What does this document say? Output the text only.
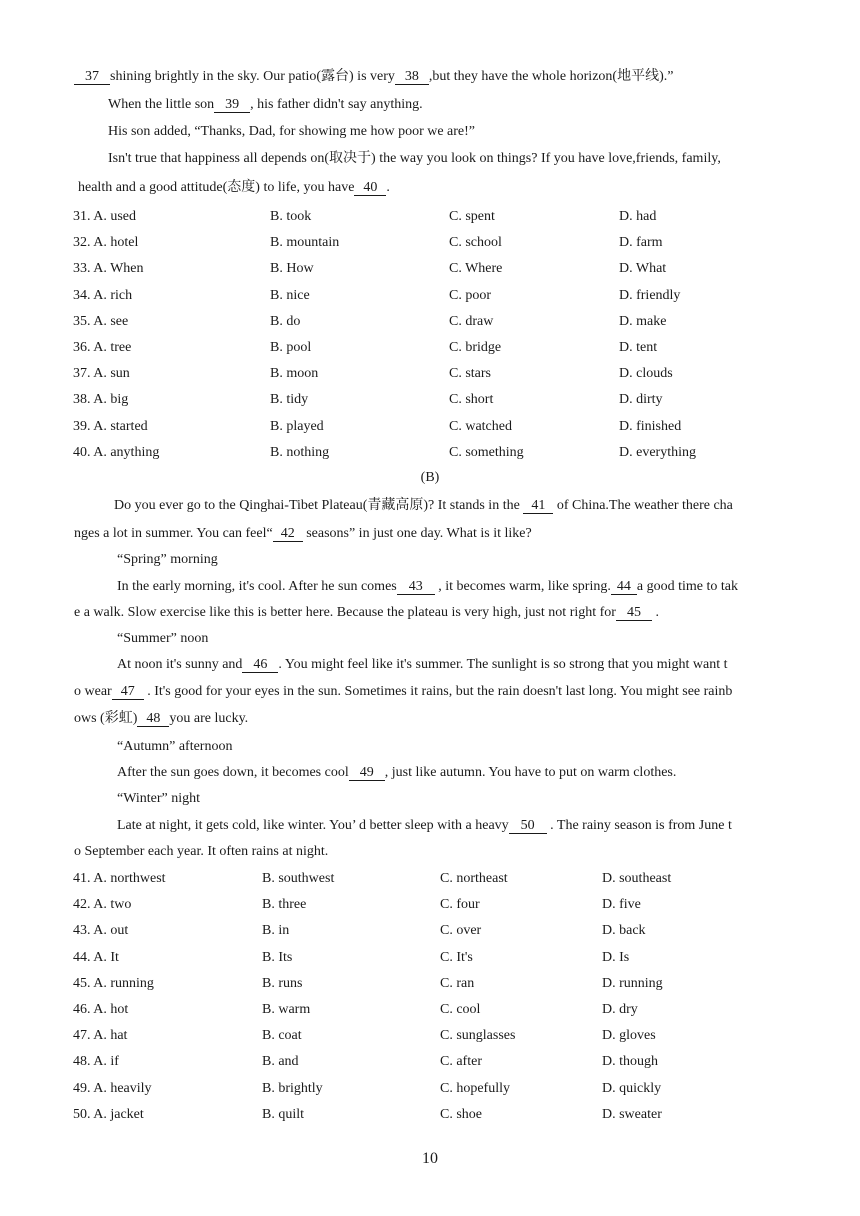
37 shining brightly in the sky. Our patio(露台) is very 38 ,but they have the whole horizon(地平线).”
When the little son 39 , his father didn't say anything.
His son added, “Thanks, Dad, for showing me how poor we are!”
Isn't true that happiness all depends on(取决于) the way you look on things? If you have love,friends, family,
health and a good attitude(态度) to life, you have 40 .
31. A. used	B. took	C. spent	D. had
32. A. hotel	B. mountain	C. school	D. farm
33. A. When	B. How	C. Where	D. What
34. A. rich	B. nice	C. poor	D. friendly
35. A. see	B. do	C. draw	D. make
36. A. tree	B. pool	C. bridge	D. tent
37. A. sun	B. moon	C. stars	D. clouds
38. A. big	B. tidy	C. short	D. dirty
39. A. started	B. played	C. watched	D. finished
40. A. anything	B. nothing	C. something	D. everything
(B)
Do you ever go to the Qinghai-Tibet Plateau(青藏高原)? It stands in the 41 of China.The weather there cha
nges a lot in summer. You can feel“ 42 seasons” in just one day. What is it like?
“Spring” morning
In the early morning, it's cool. After he sun comes 43 , it becomes warm, like spring. 44 a good time to tak
e a walk. Slow exercise like this is better here. Because the plateau is very high, just not right for 45 .
“Summer” noon
At noon it's sunny and 46 . You might feel like it's summer. The sunlight is so strong that you might want t
o wear 47 . It's good for your eyes in the sun. Sometimes it rains, but the rain doesn't last long. You might see rainb
ows (彩虹) 48 you are lucky.
“Autumn” afternoon
After the sun goes down, it becomes cool 49 , just like autumn. You have to put on warm clothes.
“Winter” night
Late at night, it gets cold, like winter. You’ d better sleep with a heavy 50 . The rainy season is from June t
o September each year. It often rains at night.
41. A. northwest	B. southwest	C. northeast	D. southeast
42. A. two	B. three	C. four	D. five
43. A. out	B. in	C. over	D. back
44. A. It	B. Its	C. It's	D. Is
45. A. running	B. runs	C. ran	D. running
46. A. hot	B. warm	C. cool	D. dry
47. A. hat	B. coat	C. sunglasses	D. gloves
48. A. if	B. and	C. after	D. though
49. A. heavily	B. brightly	C. hopefully	D. quickly
50. A. jacket	B. quilt	C. shoe	D. sweater
10
